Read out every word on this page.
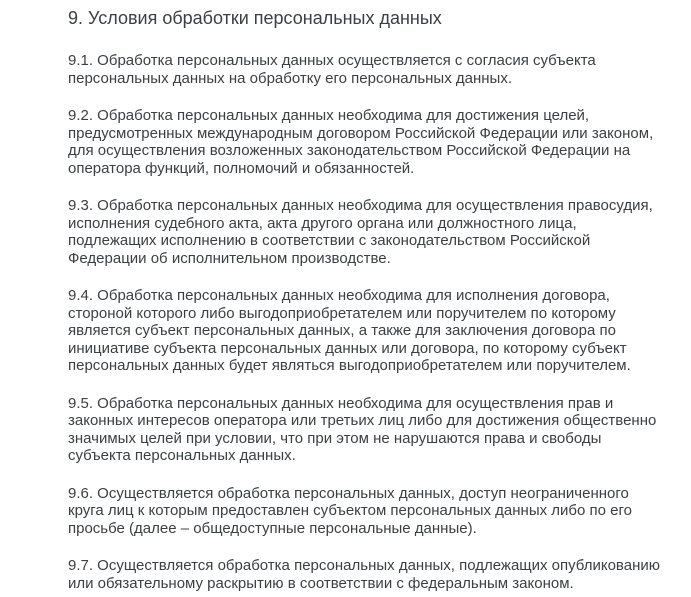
9. Условия обработки персональных данных

9.1. Обработка персональных данных осуществляется с согласия субъекта персональных данных на обработку его персональных данных.

9.2. Обработка персональных данных необходима для достижения целей, предусмотренных международным договором Российской Федерации или законом, для осуществления возложенных законодательством Российской Федерации на оператора функций, полномочий и обязанностей.

9.3. Обработка персональных данных необходима для осуществления правосудия, исполнения судебного акта, акта другого органа или должностного лица, подлежащих исполнению в соответствии с законодательством Российской Федерации об исполнительном производстве.

9.4. Обработка персональных данных необходима для исполнения договора, стороной которого либо выгодоприобретателем или поручителем по которому является субъект персональных данных, а также для заключения договора по инициативе субъекта персональных данных или договора, по которому субъект персональных данных будет являться выгодоприобретателем или поручителем.

9.5. Обработка персональных данных необходима для осуществления прав и законных интересов оператора или третьих лиц либо для достижения общественно значимых целей при условии, что при этом не нарушаются права и свободы субъекта персональных данных.

9.6. Осуществляется обработка персональных данных, доступ неограниченного круга лиц к которым предоставлен субъектом персональных данных либо по его просьбе (далее – общедоступные персональные данные).

9.7. Осуществляется обработка персональных данных, подлежащих опубликованию или обязательному раскрытию в соответствии с федеральным законом.
